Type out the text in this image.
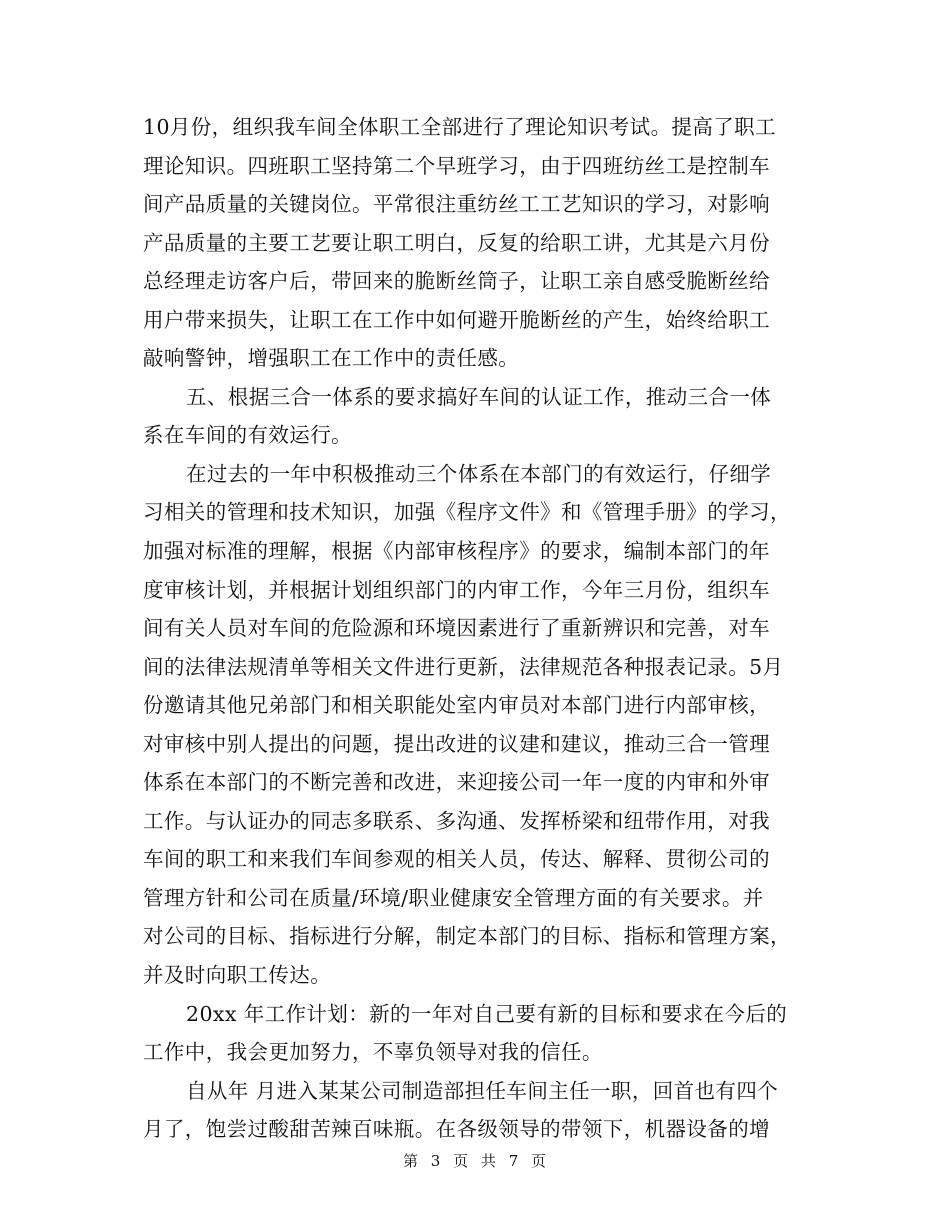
10月份，组织我车间全体职工全部进行了理论知识考试。提高了职工
理论知识。四班职工坚持第二个早班学习，由于四班纺丝工是控制车
间产品质量的关键岗位。平常很注重纺丝工工艺知识的学习，对影响
产品质量的主要工艺要让职工明白，反复的给职工讲，尤其是六月份
总经理走访客户后，带回来的脆断丝筒子，让职工亲自感受脆断丝给
用户带来损失，让职工在工作中如何避开脆断丝的产生，始终给职工
敲响警钟，增强职工在工作中的责任感。
五、根据三合一体系的要求搞好车间的认证工作，推动三合一体
系在车间的有效运行。
在过去的一年中积极推动三个体系在本部门的有效运行，仔细学
习相关的管理和技术知识，加强《程序文件》和《管理手册》的学习，
加强对标准的理解，根据《内部审核程序》的要求，编制本部门的年
度审核计划，并根据计划组织部门的内审工作，今年三月份，组织车
间有关人员对车间的危险源和环境因素进行了重新辨识和完善，对车
间的法律法规清单等相关文件进行更新，法律规范各种报表记录。5月
份邀请其他兄弟部门和相关职能处室内审员对本部门进行内部审核，
对审核中别人提出的问题，提出改进的议建和建议，推动三合一管理
体系在本部门的不断完善和改进，来迎接公司一年一度的内审和外审
工作。与认证办的同志多联系、多沟通、发挥桥梁和纽带作用，对我
车间的职工和来我们车间参观的相关人员，传达、解释、贯彻公司的
管理方针和公司在质量/环境/职业健康安全管理方面的有关要求。并
对公司的目标、指标进行分解，制定本部门的目标、指标和管理方案，
并及时向职工传达。
20xx 年工作计划：新的一年对自己要有新的目标和要求在今后的
工作中，我会更加努力，不辜负领导对我的信任。
自从年 月进入某某公司制造部担任车间主任一职，回首也有四个
月了，饱尝过酸甜苦辣百味瓶。在各级领导的带领下，机器设备的增
第 3 页 共 7 页
